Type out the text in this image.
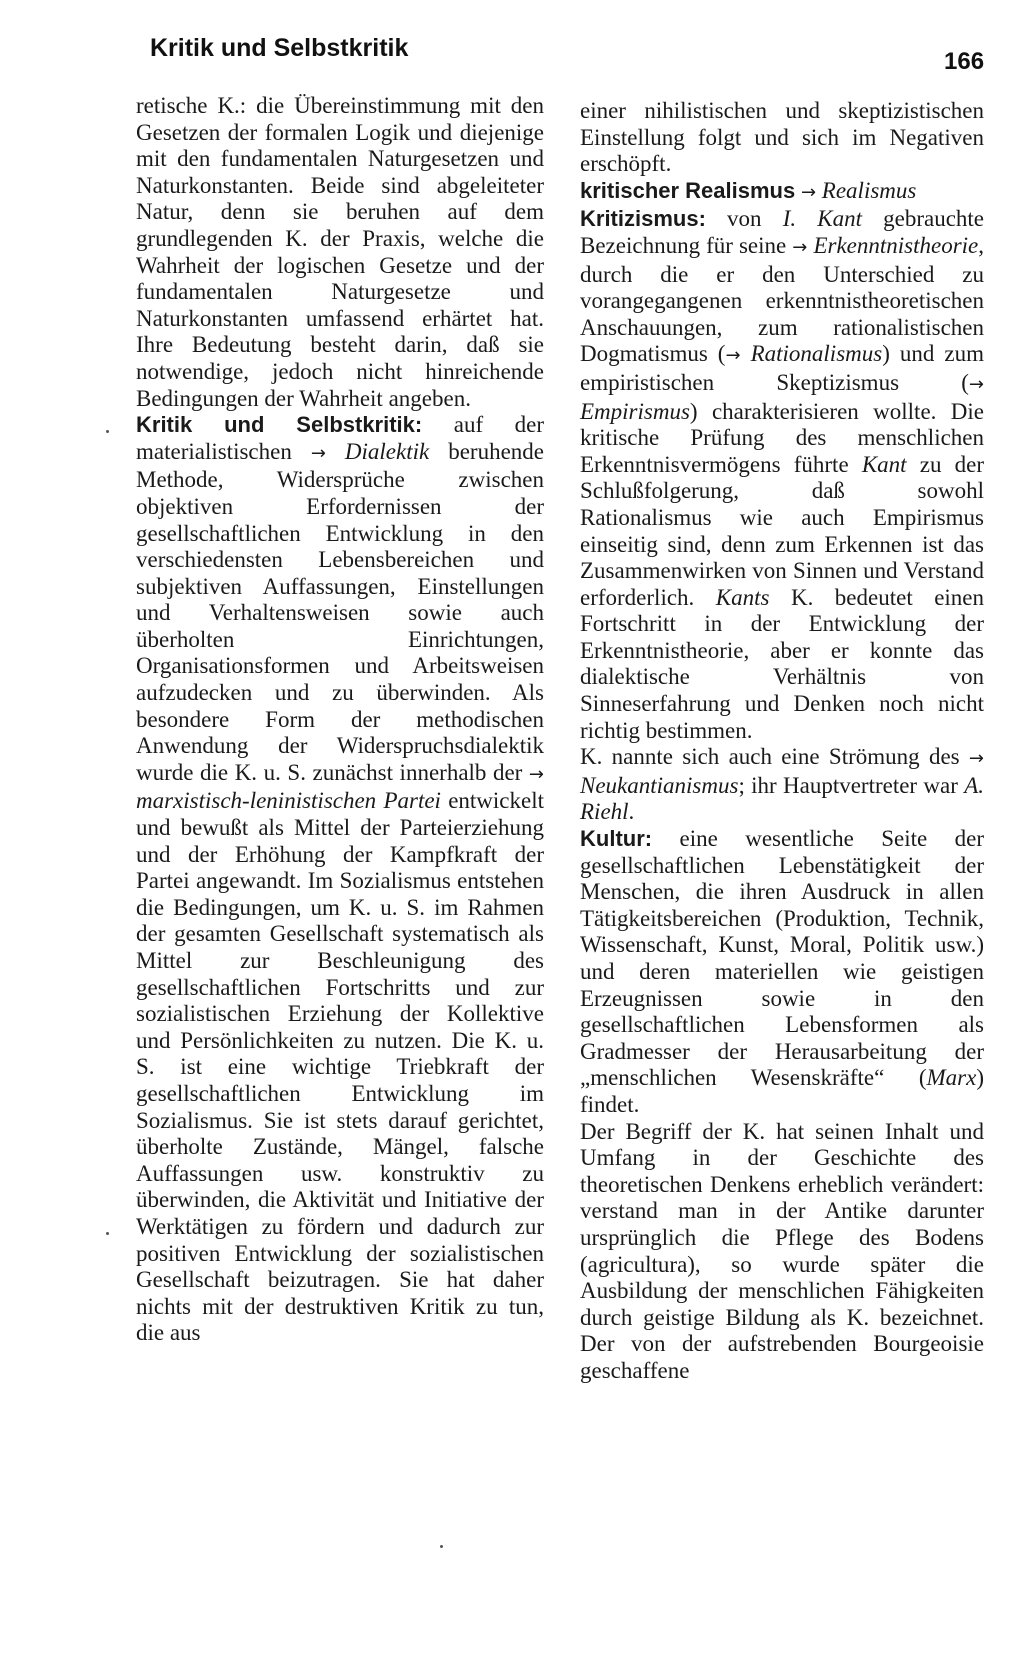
Kritik und Selbstkritik	166

retische K.: die Übereinstimmung mit den Gesetzen der formalen Logik und diejenige mit den fundamentalen Naturgesetzen und Naturkonstanten. Beide sind abgeleiteter Natur, denn sie beruhen auf dem grundlegenden K. der Praxis, welche die Wahrheit der logischen Gesetze und der fundamentalen Naturgesetze und Naturkonstanten umfassend erhärtet hat. Ihre Bedeutung besteht darin, daß sie notwendige, jedoch nicht hinreichende Bedingungen der Wahrheit angeben.

Kritik und Selbstkritik: auf der materialistischen → Dialektik beruhende Methode, Widersprüche zwischen objektiven Erfordernissen der gesellschaftlichen Entwicklung in den verschiedensten Lebensbereichen und subjektiven Auffassungen, Einstellungen und Verhaltensweisen sowie auch überholten Einrichtungen, Organisationsformen und Arbeitsweisen aufzudecken und zu überwinden. Als besondere Form der methodischen Anwendung der Widerspruchsdialektik wurde die K. u. S. zunächst innerhalb der → marxistisch-leninistischen Partei entwickelt und bewußt als Mittel der Parteierziehung und der Erhöhung der Kampfkraft der Partei angewandt. Im Sozialismus entstehen die Bedingungen, um K. u. S. im Rahmen der gesamten Gesellschaft systematisch als Mittel zur Beschleunigung des gesellschaftlichen Fortschritts und zur sozialistischen Erziehung der Kollektive und Persönlichkeiten zu nutzen. Die K. u. S. ist eine wichtige Triebkraft der gesellschaftlichen Entwicklung im Sozialismus. Sie ist stets darauf gerichtet, überholte Zustände, Mängel, falsche Auffassungen usw. konstruktiv zu überwinden, die Aktivität und Initiative der Werktätigen zu fördern und dadurch zur positiven Entwicklung der sozialistischen Gesellschaft beizutragen. Sie hat daher nichts mit der destruktiven Kritik zu tun, die aus

einer nihilistischen und skeptizistischen Einstellung folgt und sich im Negativen erschöpft.

kritischer Realismus → Realismus

Kritizismus: von I. Kant gebrauchte Bezeichnung für seine → Erkenntnistheorie, durch die er den Unterschied zu vorangegangenen erkenntnistheoretischen Anschauungen, zum rationalistischen Dogmatismus (→ Rationalismus) und zum empiristischen Skeptizismus (→ Empirismus) charakterisieren wollte. Die kritische Prüfung des menschlichen Erkenntnisvermögens führte Kant zu der Schlußfolgerung, daß sowohl Rationalismus wie auch Empirismus einseitig sind, denn zum Erkennen ist das Zusammenwirken von Sinnen und Verstand erforderlich. Kants K. bedeutet einen Fortschritt in der Entwicklung der Erkenntnistheorie, aber er konnte das dialektische Verhältnis von Sinneserfahrung und Denken noch nicht richtig bestimmen.

K. nannte sich auch eine Strömung des → Neukantianismus; ihr Hauptvertreter war A. Riehl.

Kultur: eine wesentliche Seite der gesellschaftlichen Lebenstätigkeit der Menschen, die ihren Ausdruck in allen Tätigkeitsbereichen (Produktion, Technik, Wissenschaft, Kunst, Moral, Politik usw.) und deren materiellen wie geistigen Erzeugnissen sowie in den gesellschaftlichen Lebensformen als Gradmesser der Herausarbeitung der „menschlichen Wesenskräfte“ (Marx) findet.

Der Begriff der K. hat seinen Inhalt und Umfang in der Geschichte des theoretischen Denkens erheblich verändert: verstand man in der Antike darunter ursprünglich die Pflege des Bodens (agricultura), so wurde später die Ausbildung der menschlichen Fähigkeiten durch geistige Bildung als K. bezeichnet. Der von der aufstrebenden Bourgeoisie geschaffene
